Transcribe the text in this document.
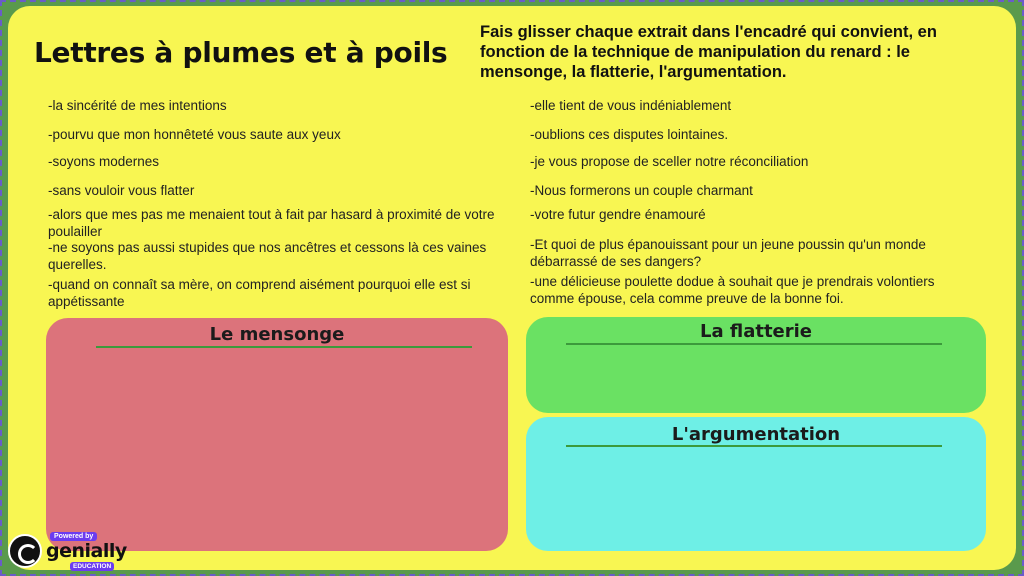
Lettres à plumes et à poils
Fais glisser chaque extrait dans l'encadré qui convient, en fonction de la technique de manipulation du renard : le mensonge, la flatterie, l'argumentation.
-la sincérité de mes intentions
-pourvu que mon honnêteté vous saute aux yeux
-soyons modernes
-sans vouloir vous flatter
-alors que mes pas me menaient tout à fait par hasard à proximité de votre poulailler
-ne soyons pas aussi stupides que nos ancêtres et cessons là ces vaines querelles.
-quand on connaît sa mère, on comprend aisément pourquoi elle est si appétissante
-elle tient de vous indéniablement
-oublions ces disputes lointaines.
-je vous propose de sceller notre réconciliation
-Nous formerons un couple charmant
-votre futur gendre énamouré
-Et quoi de plus épanouissant pour un jeune poussin qu'un monde débarrassé de ses dangers?
-une délicieuse poulette dodue à souhait que je prendrais volontiers comme épouse, cela comme preuve de la bonne foi.
Le mensonge	La flatterie
L'argumentation
Powered by
genially
EDUCATION
